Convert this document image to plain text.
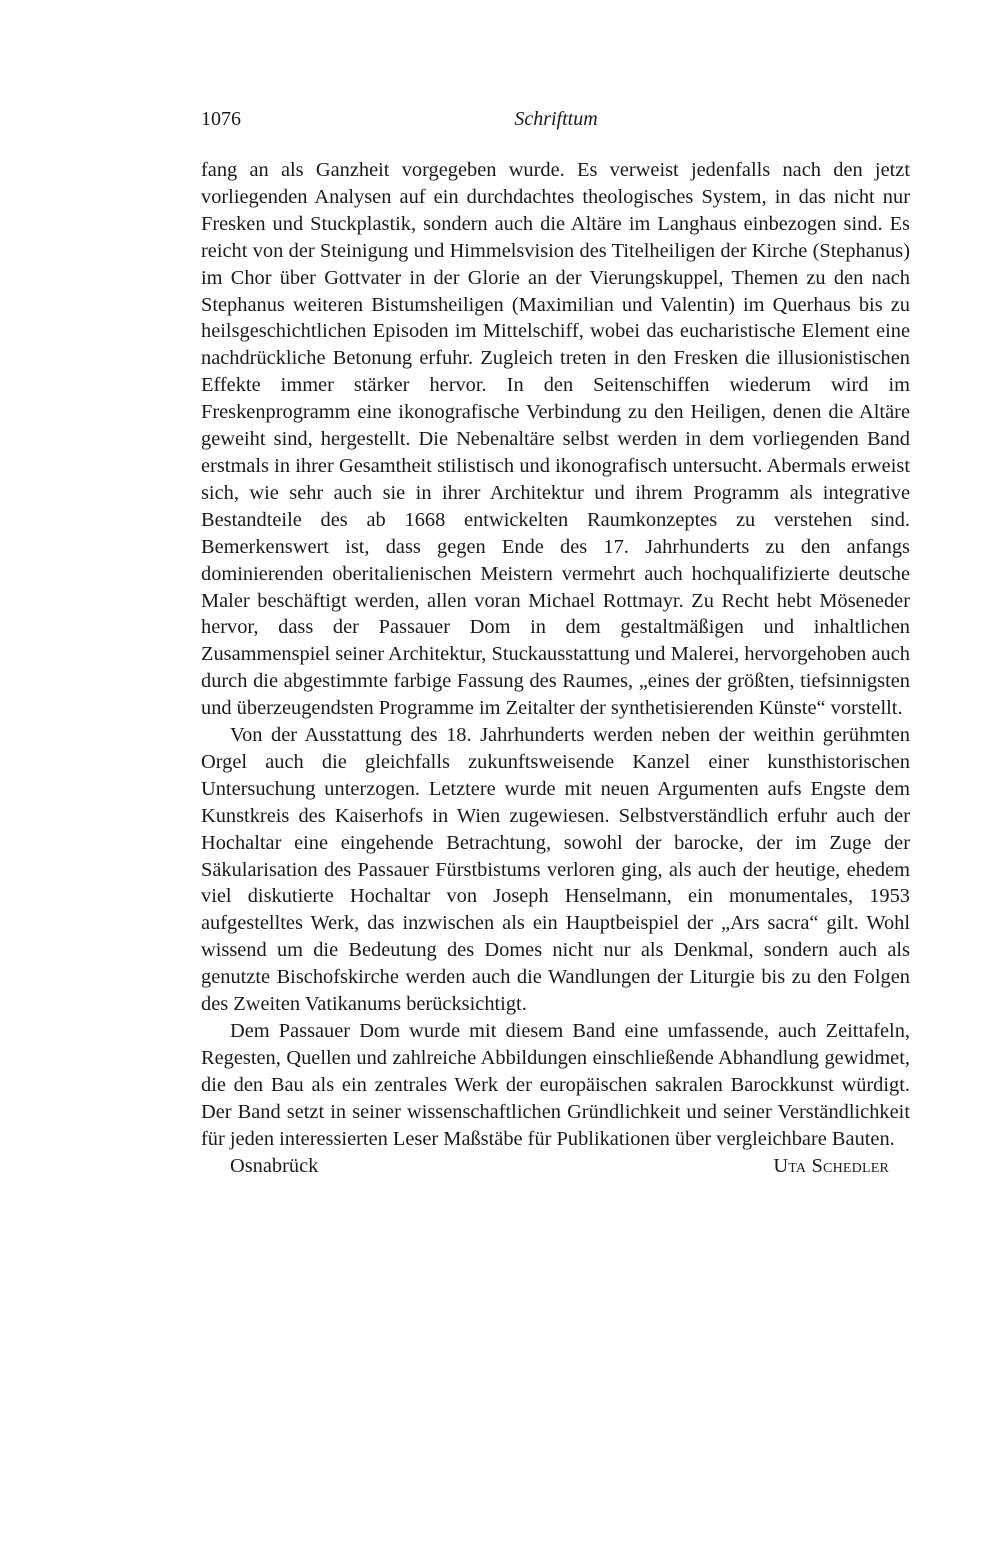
1076	Schrifttum

fang an als Ganzheit vorgegeben wurde. Es verweist jedenfalls nach den jetzt vorliegenden Analysen auf ein durchdachtes theologisches System, in das nicht nur Fresken und Stuckplastik, sondern auch die Altäre im Langhaus einbezogen sind. Es reicht von der Steinigung und Himmelsvision des Titelheiligen der Kirche (Stephanus) im Chor über Gottvater in der Glorie an der Vierungskuppel, Themen zu den nach Stephanus weiteren Bistumsheiligen (Maximilian und Valentin) im Querhaus bis zu heilsgeschichtlichen Episoden im Mittelschiff, wobei das eucharistische Element eine nachdrückliche Betonung erfuhr. Zugleich treten in den Fresken die illusionistischen Effekte immer stärker hervor. In den Seitenschiffen wiederum wird im Freskenprogramm eine ikonografische Verbindung zu den Heiligen, denen die Altäre geweiht sind, hergestellt. Die Nebenaltäre selbst werden in dem vorliegenden Band erstmals in ihrer Gesamtheit stilistisch und ikonografisch untersucht. Abermals erweist sich, wie sehr auch sie in ihrer Architektur und ihrem Programm als integrative Bestandteile des ab 1668 entwickelten Raumkonzeptes zu verstehen sind. Bemerkenswert ist, dass gegen Ende des 17. Jahrhunderts zu den anfangs dominierenden oberitalienischen Meistern vermehrt auch hochqualifizierte deutsche Maler beschäftigt werden, allen voran Michael Rottmayr. Zu Recht hebt Möseneder hervor, dass der Passauer Dom in dem gestaltmäßigen und inhaltlichen Zusammenspiel seiner Architektur, Stuckausstattung und Malerei, hervorgehoben auch durch die abgestimmte farbige Fassung des Raumes, „eines der größten, tiefsinnigsten und überzeugendsten Programme im Zeitalter der synthetisierenden Künste“ vorstellt.

Von der Ausstattung des 18. Jahrhunderts werden neben der weithin gerühmten Orgel auch die gleichfalls zukunftsweisende Kanzel einer kunsthistorischen Untersuchung unterzogen. Letztere wurde mit neuen Argumenten aufs Engste dem Kunstkreis des Kaiserhofs in Wien zugewiesen. Selbstverständlich erfuhr auch der Hochaltar eine eingehende Betrachtung, sowohl der barocke, der im Zuge der Säkularisation des Passauer Fürstbistums verloren ging, als auch der heutige, ehedem viel diskutierte Hochaltar von Joseph Henselmann, ein monumentales, 1953 aufgestelltes Werk, das inzwischen als ein Hauptbeispiel der „Ars sacra“ gilt. Wohl wissend um die Bedeutung des Domes nicht nur als Denkmal, sondern auch als genutzte Bischofskirche werden auch die Wandlungen der Liturgie bis zu den Folgen des Zweiten Vatikanums berücksichtigt.

Dem Passauer Dom wurde mit diesem Band eine umfassende, auch Zeittafeln, Regesten, Quellen und zahlreiche Abbildungen einschließende Abhandlung gewidmet, die den Bau als ein zentrales Werk der europäischen sakralen Barockkunst würdigt. Der Band setzt in seiner wissenschaftlichen Gründlichkeit und seiner Verständlichkeit für jeden interessierten Leser Maßstäbe für Publikationen über vergleichbare Bauten.

Osnabrück	Uta Schedler
